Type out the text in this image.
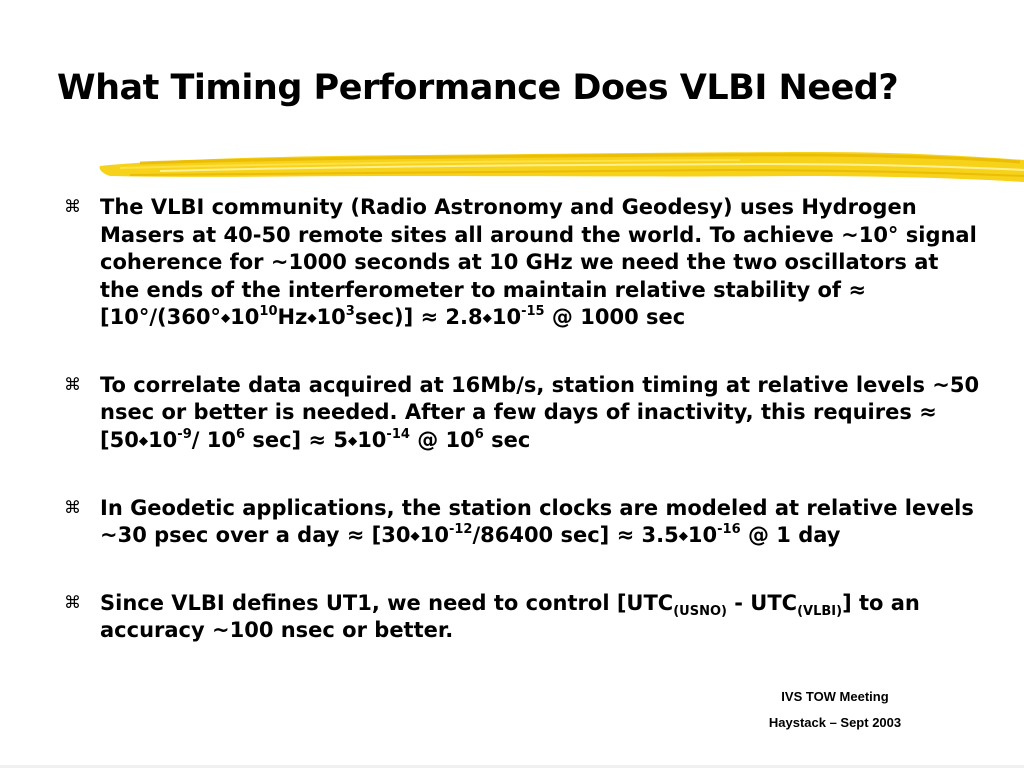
What Timing Performance Does VLBI Need?
⌘ The VLBI community (Radio Astronomy and Geodesy) uses Hydrogen Masers at 40-50 remote sites all around the world. To achieve ~10° signal coherence for ~1000 seconds at 10 GHz we need the two oscillators at the ends of the interferometer to maintain relative stability of ≈ $[10^\circ/(360^\circ◆10^{10}Hz◆10^3\sec)]$ ≈ $2.8◆10^{-15}$ @ 1000 sec
⌘ To correlate data acquired at 16Mb/s, station timing at relative levels ~50 nsec or better is needed. After a few days of inactivity, this requires ≈ [$50◆10^{-9}/$ $10^6$ $\sec] \approx 5◆10^{-14}$ @ $10^6$ sec
⌘ In Geodetic applications, the station clocks are modeled at relative levels ~30 psec over a day ≈ [$30◆10^{-12}/86400$ $\sec] \approx 3.5◆10^{-16}$ @ 1 day
⌘ Since VLBI defines UT1, we need to control $[UTC_{(USNO)} - UTC_{(VLBI)}]$ to an accuracy ~100 nsec or better.
IVS TOW Meeting
Haystack – Sept 2003
